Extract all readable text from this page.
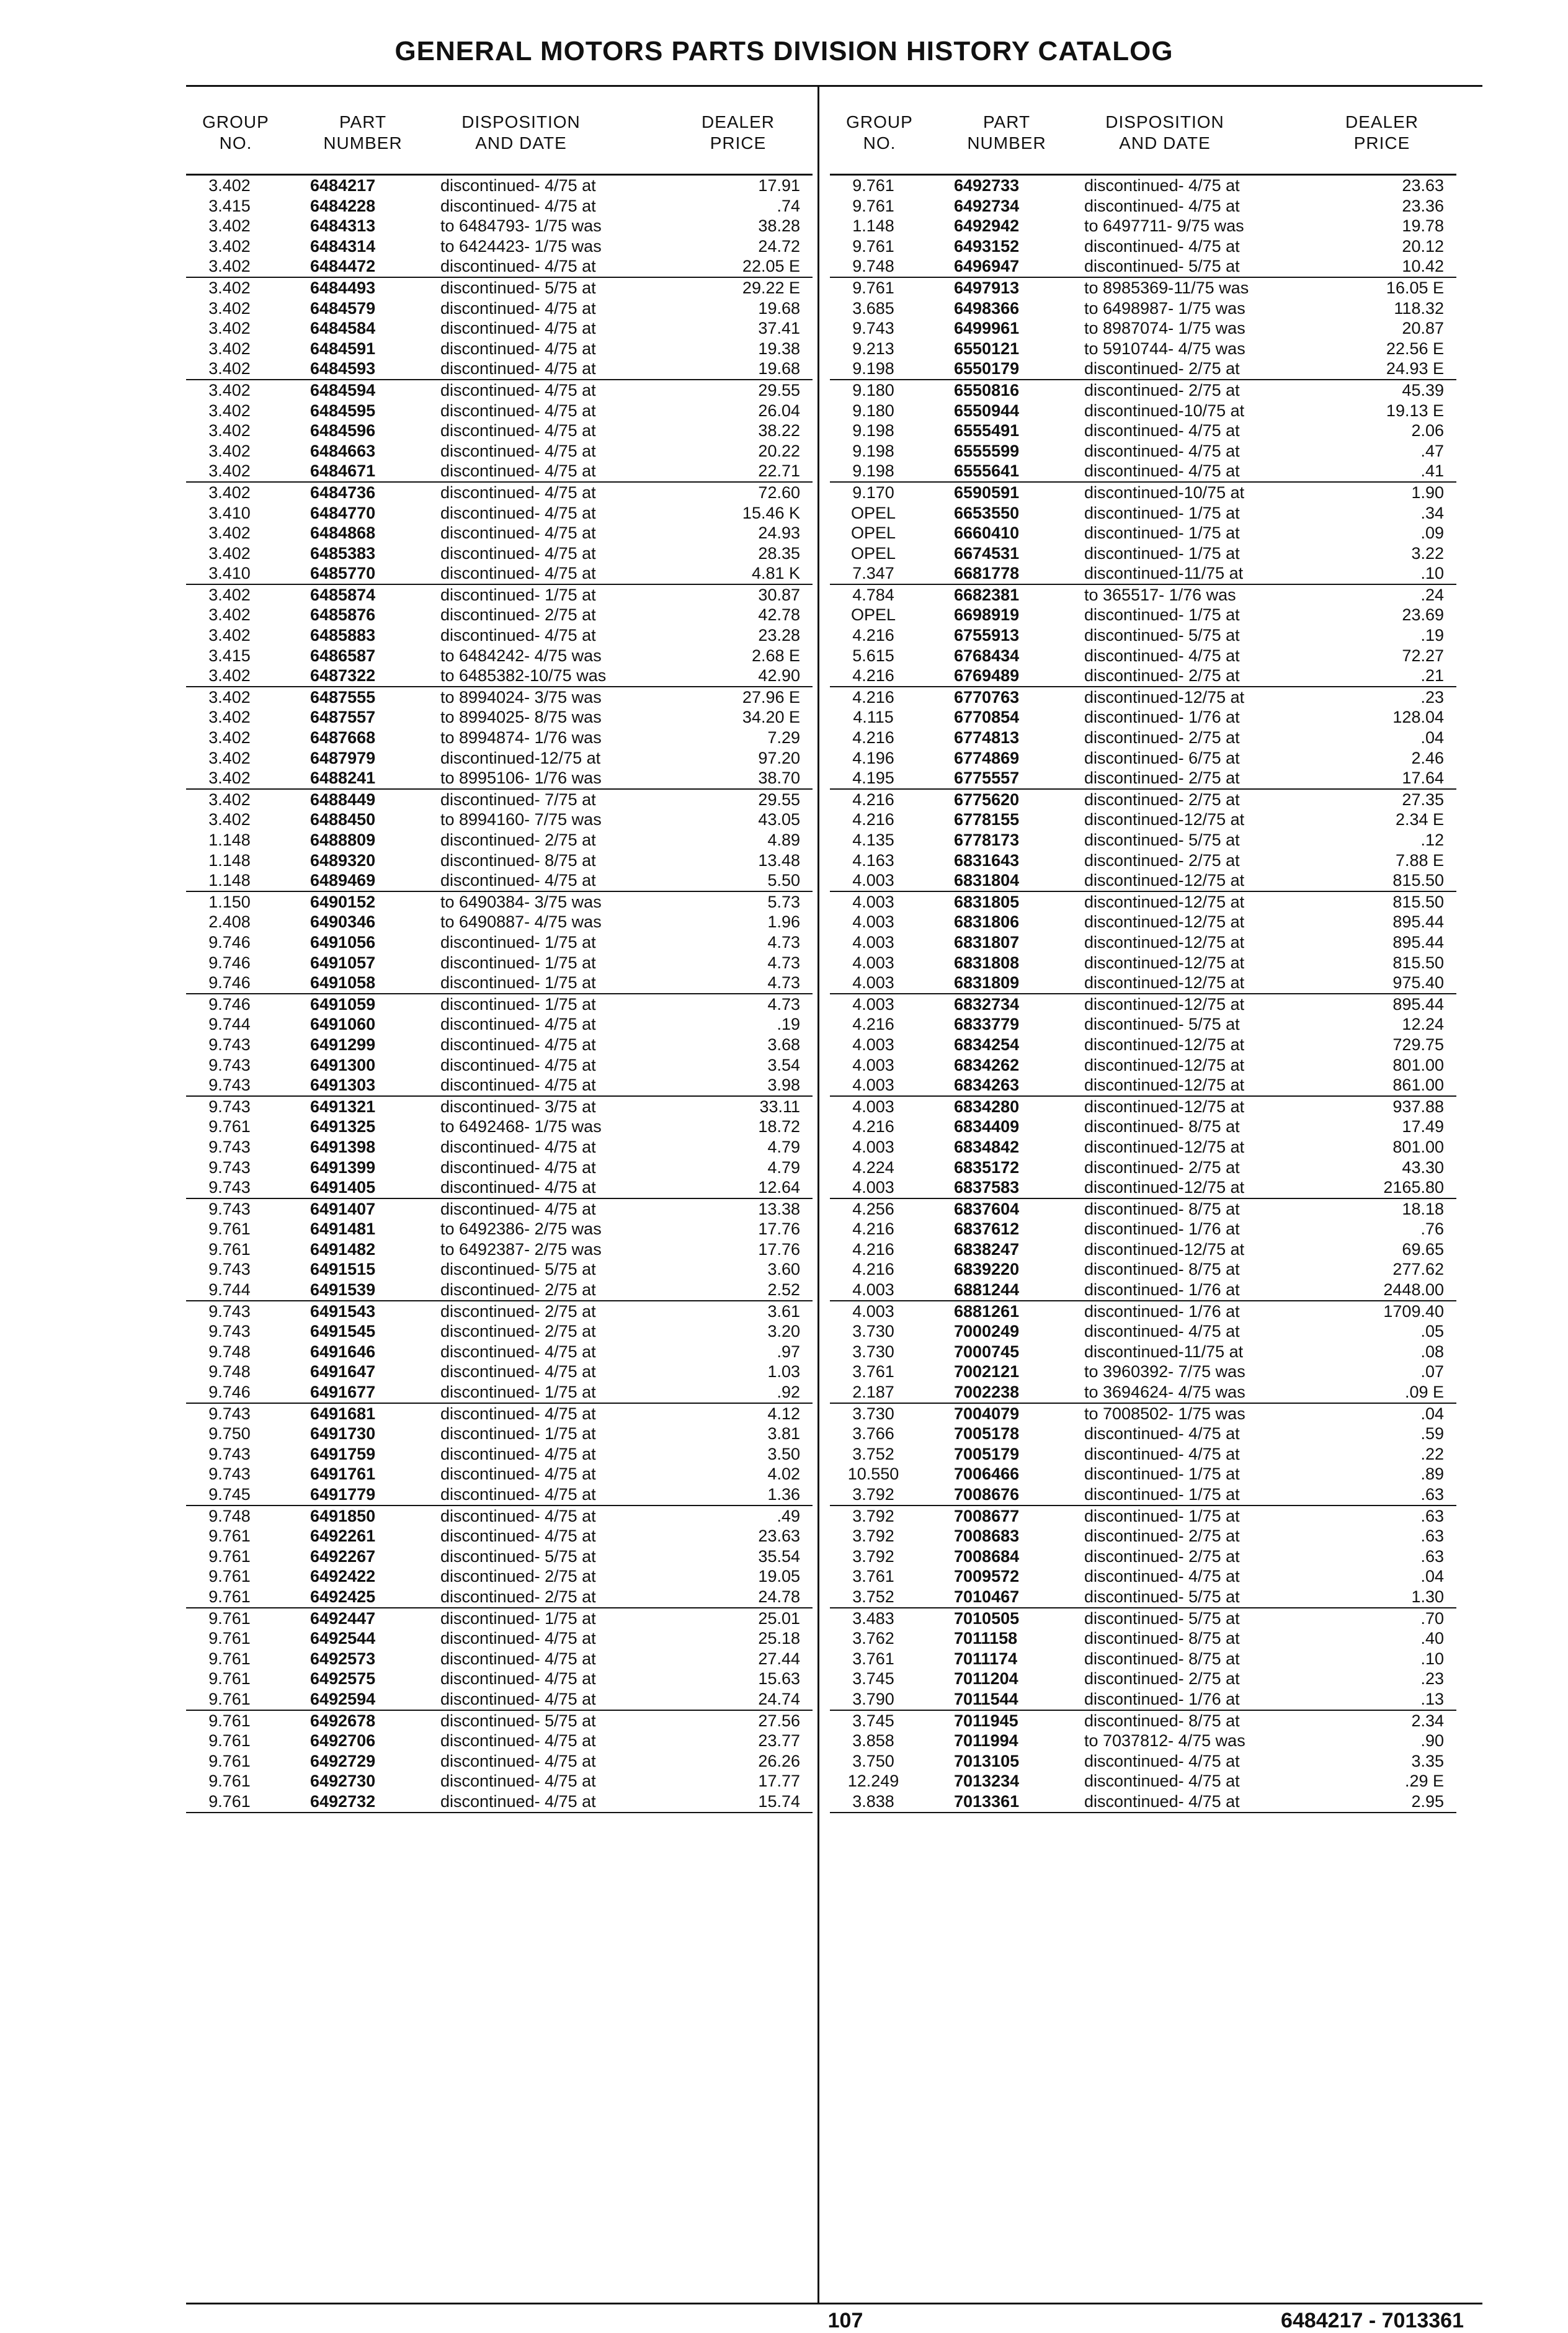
GENERAL MOTORS PARTS DIVISION HISTORY CATALOG
GROUP
NO.
PART
NUMBER
DISPOSITION
AND DATE
DEALER
PRICE
3.402	6484217	discontinued- 4/75 at	17.91
3.415	6484228	discontinued- 4/75 at	.74
3.402	6484313	to 6484793- 1/75 was	38.28
3.402	6484314	to 6424423- 1/75 was	24.72
3.402	6484472	discontinued- 4/75 at	22.05 E
3.402	6484493	discontinued- 5/75 at	29.22 E
3.402	6484579	discontinued- 4/75 at	19.68
3.402	6484584	discontinued- 4/75 at	37.41
3.402	6484591	discontinued- 4/75 at	19.38
3.402	6484593	discontinued- 4/75 at	19.68
3.402	6484594	discontinued- 4/75 at	29.55
3.402	6484595	discontinued- 4/75 at	26.04
3.402	6484596	discontinued- 4/75 at	38.22
3.402	6484663	discontinued- 4/75 at	20.22
3.402	6484671	discontinued- 4/75 at	22.71
3.402	6484736	discontinued- 4/75 at	72.60
3.410	6484770	discontinued- 4/75 at	15.46 K
3.402	6484868	discontinued- 4/75 at	24.93
3.402	6485383	discontinued- 4/75 at	28.35
3.410	6485770	discontinued- 4/75 at	4.81 K
3.402	6485874	discontinued- 1/75 at	30.87
3.402	6485876	discontinued- 2/75 at	42.78
3.402	6485883	discontinued- 4/75 at	23.28
3.415	6486587	to 6484242- 4/75 was	2.68 E
3.402	6487322	to 6485382-10/75 was	42.90
3.402	6487555	to 8994024- 3/75 was	27.96 E
3.402	6487557	to 8994025- 8/75 was	34.20 E
3.402	6487668	to 8994874- 1/76 was	7.29
3.402	6487979	discontinued-12/75 at	97.20
3.402	6488241	to 8995106- 1/76 was	38.70
3.402	6488449	discontinued- 7/75 at	29.55
3.402	6488450	to 8994160- 7/75 was	43.05
1.148	6488809	discontinued- 2/75 at	4.89
1.148	6489320	discontinued- 8/75 at	13.48
1.148	6489469	discontinued- 4/75 at	5.50
1.150	6490152	to 6490384- 3/75 was	5.73
2.408	6490346	to 6490887- 4/75 was	1.96
9.746	6491056	discontinued- 1/75 at	4.73
9.746	6491057	discontinued- 1/75 at	4.73
9.746	6491058	discontinued- 1/75 at	4.73
9.746	6491059	discontinued- 1/75 at	4.73
9.744	6491060	discontinued- 4/75 at	.19
9.743	6491299	discontinued- 4/75 at	3.68
9.743	6491300	discontinued- 4/75 at	3.54
9.743	6491303	discontinued- 4/75 at	3.98
9.743	6491321	discontinued- 3/75 at	33.11
9.761	6491325	to 6492468- 1/75 was	18.72
9.743	6491398	discontinued- 4/75 at	4.79
9.743	6491399	discontinued- 4/75 at	4.79
9.743	6491405	discontinued- 4/75 at	12.64
9.743	6491407	discontinued- 4/75 at	13.38
9.761	6491481	to 6492386- 2/75 was	17.76
9.761	6491482	to 6492387- 2/75 was	17.76
9.743	6491515	discontinued- 5/75 at	3.60
9.744	6491539	discontinued- 2/75 at	2.52
9.743	6491543	discontinued- 2/75 at	3.61
9.743	6491545	discontinued- 2/75 at	3.20
9.748	6491646	discontinued- 4/75 at	.97
9.748	6491647	discontinued- 4/75 at	1.03
9.746	6491677	discontinued- 1/75 at	.92
9.743	6491681	discontinued- 4/75 at	4.12
9.750	6491730	discontinued- 1/75 at	3.81
9.743	6491759	discontinued- 4/75 at	3.50
9.743	6491761	discontinued- 4/75 at	4.02
9.745	6491779	discontinued- 4/75 at	1.36
9.748	6491850	discontinued- 4/75 at	.49
9.761	6492261	discontinued- 4/75 at	23.63
9.761	6492267	discontinued- 5/75 at	35.54
9.761	6492422	discontinued- 2/75 at	19.05
9.761	6492425	discontinued- 2/75 at	24.78
9.761	6492447	discontinued- 1/75 at	25.01
9.761	6492544	discontinued- 4/75 at	25.18
9.761	6492573	discontinued- 4/75 at	27.44
9.761	6492575	discontinued- 4/75 at	15.63
9.761	6492594	discontinued- 4/75 at	24.74
9.761	6492678	discontinued- 5/75 at	27.56
9.761	6492706	discontinued- 4/75 at	23.77
9.761	6492729	discontinued- 4/75 at	26.26
9.761	6492730	discontinued- 4/75 at	17.77
9.761	6492732	discontinued- 4/75 at	15.74
GROUP
NO.
PART
NUMBER
DISPOSITION
AND DATE
DEALER
PRICE
9.761	6492733	discontinued- 4/75 at	23.63
9.761	6492734	discontinued- 4/75 at	23.36
1.148	6492942	to 6497711- 9/75 was	19.78
9.761	6493152	discontinued- 4/75 at	20.12
9.748	6496947	discontinued- 5/75 at	10.42
9.761	6497913	to 8985369-11/75 was	16.05 E
3.685	6498366	to 6498987- 1/75 was	118.32
9.743	6499961	to 8987074- 1/75 was	20.87
9.213	6550121	to 5910744- 4/75 was	22.56 E
9.198	6550179	discontinued- 2/75 at	24.93 E
9.180	6550816	discontinued- 2/75 at	45.39
9.180	6550944	discontinued-10/75 at	19.13 E
9.198	6555491	discontinued- 4/75 at	2.06
9.198	6555599	discontinued- 4/75 at	.47
9.198	6555641	discontinued- 4/75 at	.41
9.170	6590591	discontinued-10/75 at	1.90
OPEL	6653550	discontinued- 1/75 at	.34
OPEL	6660410	discontinued- 1/75 at	.09
OPEL	6674531	discontinued- 1/75 at	3.22
7.347	6681778	discontinued-11/75 at	.10
4.784	6682381	to 365517- 1/76 was	.24
OPEL	6698919	discontinued- 1/75 at	23.69
4.216	6755913	discontinued- 5/75 at	.19
5.615	6768434	discontinued- 4/75 at	72.27
4.216	6769489	discontinued- 2/75 at	.21
4.216	6770763	discontinued-12/75 at	.23
4.115	6770854	discontinued- 1/76 at	128.04
4.216	6774813	discontinued- 2/75 at	.04
4.196	6774869	discontinued- 6/75 at	2.46
4.195	6775557	discontinued- 2/75 at	17.64
4.216	6775620	discontinued- 2/75 at	27.35
4.216	6778155	discontinued-12/75 at	2.34 E
4.135	6778173	discontinued- 5/75 at	.12
4.163	6831643	discontinued- 2/75 at	7.88 E
4.003	6831804	discontinued-12/75 at	815.50
4.003	6831805	discontinued-12/75 at	815.50
4.003	6831806	discontinued-12/75 at	895.44
4.003	6831807	discontinued-12/75 at	895.44
4.003	6831808	discontinued-12/75 at	815.50
4.003	6831809	discontinued-12/75 at	975.40
4.003	6832734	discontinued-12/75 at	895.44
4.216	6833779	discontinued- 5/75 at	12.24
4.003	6834254	discontinued-12/75 at	729.75
4.003	6834262	discontinued-12/75 at	801.00
4.003	6834263	discontinued-12/75 at	861.00
4.003	6834280	discontinued-12/75 at	937.88
4.216	6834409	discontinued- 8/75 at	17.49
4.003	6834842	discontinued-12/75 at	801.00
4.224	6835172	discontinued- 2/75 at	43.30
4.003	6837583	discontinued-12/75 at	2165.80
4.256	6837604	discontinued- 8/75 at	18.18
4.216	6837612	discontinued- 1/76 at	.76
4.216	6838247	discontinued-12/75 at	69.65
4.216	6839220	discontinued- 8/75 at	277.62
4.003	6881244	discontinued- 1/76 at	2448.00
4.003	6881261	discontinued- 1/76 at	1709.40
3.730	7000249	discontinued- 4/75 at	.05
3.730	7000745	discontinued-11/75 at	.08
3.761	7002121	to 3960392- 7/75 was	.07
2.187	7002238	to 3694624- 4/75 was	.09 E
3.730	7004079	to 7008502- 1/75 was	.04
3.766	7005178	discontinued- 4/75 at	.59
3.752	7005179	discontinued- 4/75 at	.22
10.550	7006466	discontinued- 1/75 at	.89
3.792	7008676	discontinued- 1/75 at	.63
3.792	7008677	discontinued- 1/75 at	.63
3.792	7008683	discontinued- 2/75 at	.63
3.792	7008684	discontinued- 2/75 at	.63
3.761	7009572	discontinued- 4/75 at	.04
3.752	7010467	discontinued- 5/75 at	1.30
3.483	7010505	discontinued- 5/75 at	.70
3.762	7011158	discontinued- 8/75 at	.40
3.761	7011174	discontinued- 8/75 at	.10
3.745	7011204	discontinued- 2/75 at	.23
3.790	7011544	discontinued- 1/76 at	.13
3.745	7011945	discontinued- 8/75 at	2.34
3.858	7011994	to 7037812- 4/75 was	.90
3.750	7013105	discontinued- 4/75 at	3.35
12.249	7013234	discontinued- 4/75 at	.29 E
3.838	7013361	discontinued- 4/75 at	2.95
107	6484217 - 7013361
